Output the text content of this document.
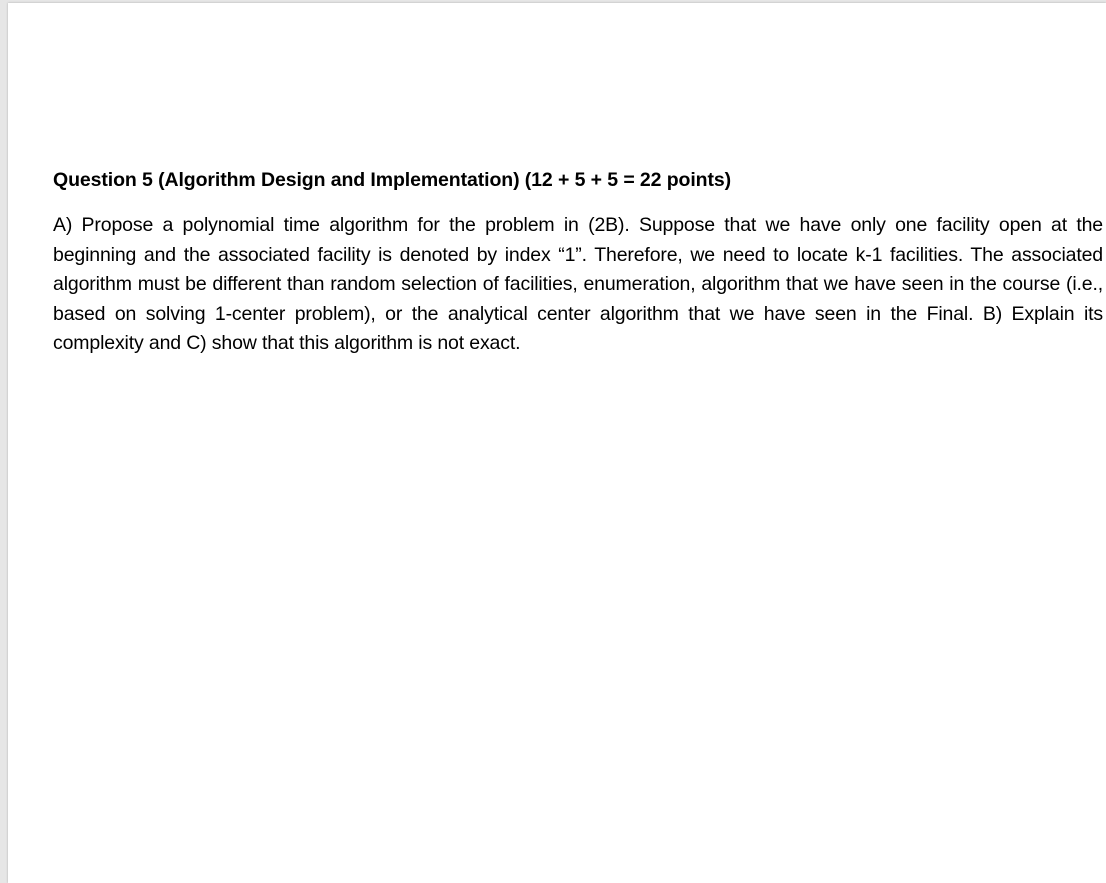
Question 5 (Algorithm Design and Implementation) (12 + 5 + 5 = 22 points)

A) Propose a polynomial time algorithm for the problem in (2B). Suppose that we have only one facility open at the beginning and the associated facility is denoted by index “1”. Therefore, we need to locate k-1 facilities. The associated algorithm must be different than random selection of facilities, enumeration, algorithm that we have seen in the course (i.e., based on solving 1-center problem), or the analytical center algorithm that we have seen in the Final. B) Explain its complexity and C) show that this algorithm is not exact.
